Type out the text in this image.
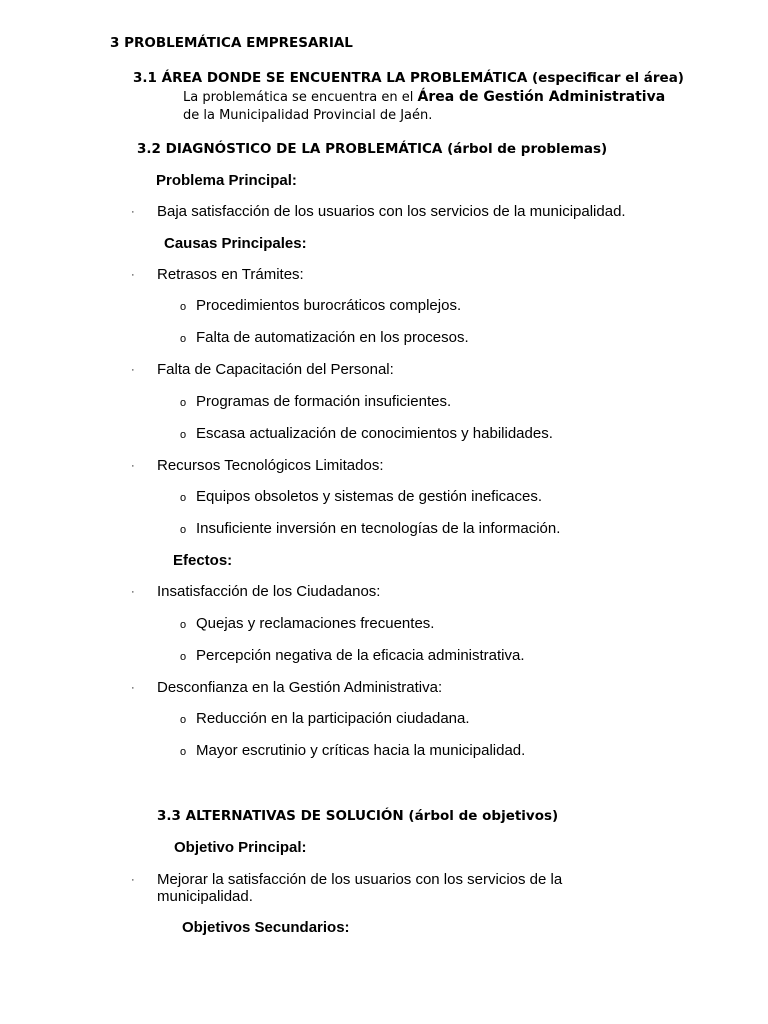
3 PROBLEMÁTICA EMPRESARIAL
3.1 ÁREA DONDE SE ENCUENTRA LA PROBLEMÁTICA (especificar el área)
La problemática se encuentra en el Área de Gestión Administrativa de la Municipalidad Provincial de Jaén.
3.2 DIAGNÓSTICO DE LA PROBLEMÁTICA (árbol de problemas)
Problema Principal:
· Baja satisfacción de los usuarios con los servicios de la municipalidad.
Causas Principales:
· Retrasos en Trámites:
o Procedimientos burocráticos complejos.
o Falta de automatización en los procesos.
· Falta de Capacitación del Personal:
o Programas de formación insuficientes.
o Escasa actualización de conocimientos y habilidades.
· Recursos Tecnológicos Limitados:
o Equipos obsoletos y sistemas de gestión ineficaces.
o Insuficiente inversión en tecnologías de la información.
Efectos:
· Insatisfacción de los Ciudadanos:
o Quejas y reclamaciones frecuentes.
o Percepción negativa de la eficacia administrativa.
· Desconfianza en la Gestión Administrativa:
o Reducción en la participación ciudadana.
o Mayor escrutinio y críticas hacia la municipalidad.
3.3 ALTERNATIVAS DE SOLUCIÓN (árbol de objetivos)
Objetivo Principal:
· Mejorar la satisfacción de los usuarios con los servicios de la municipalidad.
Objetivos Secundarios:
